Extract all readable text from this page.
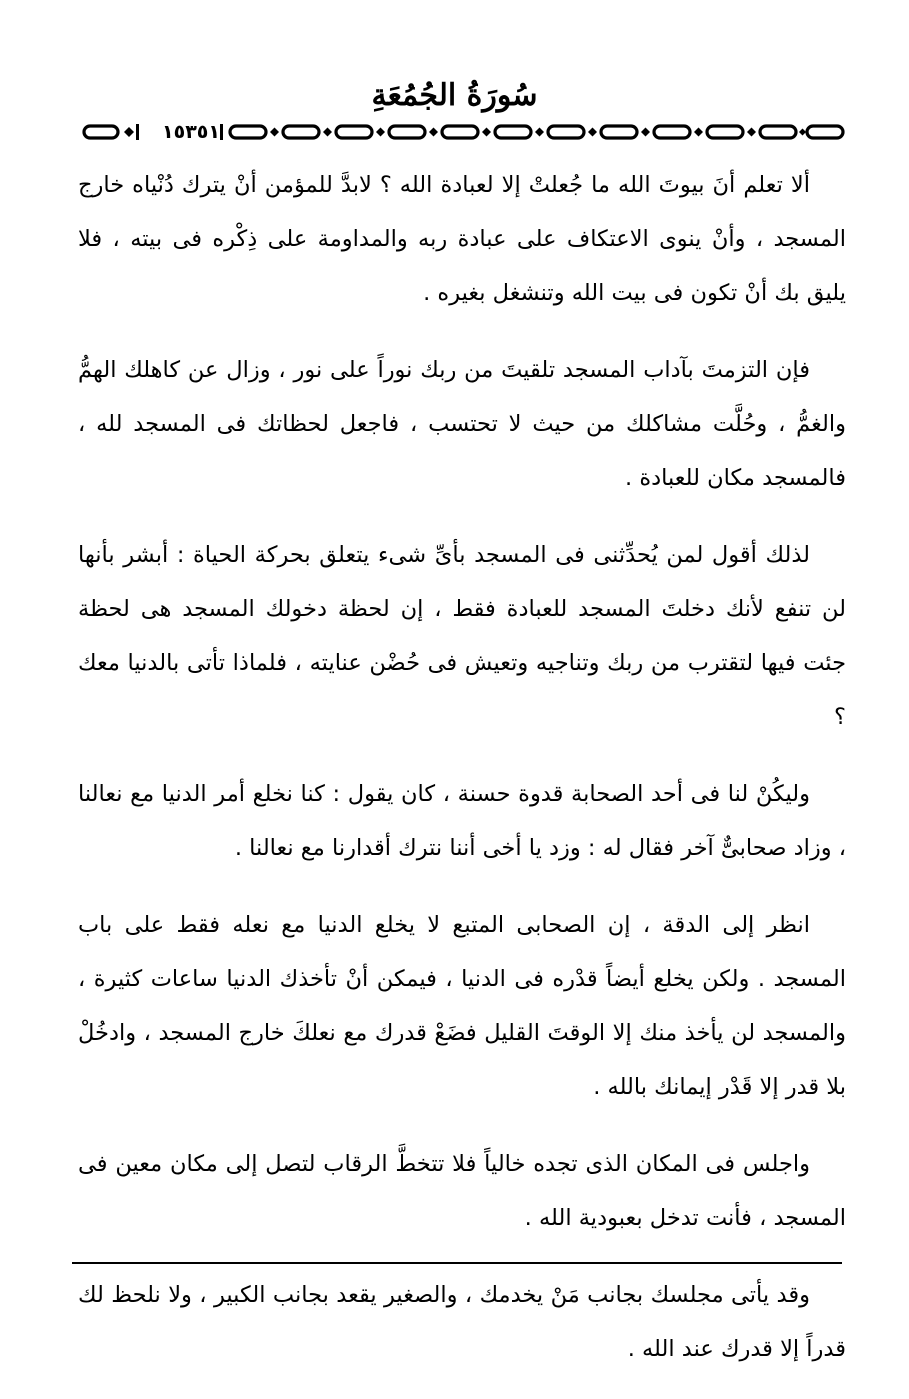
سُورَةُ الجُمُعَةِ
١٥٣٥١

ألا تعلم أنَ بيوتَ الله ما جُعلتْ إلا لعبادة الله ؟ لابدَّ للمؤمن أنْ يترك دُنْياه خارج المسجد ، وأنْ ينوى الاعتكاف على عبادة ربه والمداومة على ذِكْره فى بيته ، فلا يليق بك أنْ تكون فى بيت الله وتنشغل بغيره .

فإن التزمتَ بآداب المسجد تلقيتَ من ربك نوراً على نور ، وزال عن كاهلك الهمُّ والغمُّ ، وحُلَّت مشاكلك من حيث لا تحتسب ، فاجعل لحظاتك فى المسجد لله ، فالمسجد مكان للعبادة .

لذلك أقول لمن يُحدِّثنى فى المسجد بأىِّ شىء يتعلق بحركة الحياة : أبشر بأنها لن تنفع لأنك دخلتَ المسجد للعبادة فقط ، إن لحظة دخولك المسجد هى لحظة جئت فيها لتقترب من ربك وتناجيه وتعيش فى حُضْن عنايته ، فلماذا تأتى بالدنيا معك ؟

وليكُنْ لنا فى أحد الصحابة قدوة حسنة ، كان يقول : كنا نخلع أمر الدنيا مع نعالنا ، وزاد صحابىٌّ آخر فقال له : وزد يا أخى أننا نترك أقدارنا مع نعالنا .

انظر إلى الدقة ، إن الصحابى المتبع لا يخلع الدنيا مع نعله فقط على باب المسجد . ولكن يخلع أيضاً قدْره فى الدنيا ، فيمكن أنْ تأخذك الدنيا ساعات كثيرة ، والمسجد لن يأخذ منك إلا الوقتَ القليل فضَعْ قدرك مع نعلكَ خارج المسجد ، وادخُلْ بلا قدر إلا قَدْر إيمانك بالله .

واجلس فى المكان الذى تجده خالياً فلا تتخطَّ الرقاب لتصل إلى مكان معين فى المسجد ، فأنت تدخل بعبودية الله .

وقد يأتى مجلسك بجانب مَنْ يخدمك ، والصغير يقعد بجانب الكبير ، ولا نلحظ لك قدراً إلا قدرك عند الله .
